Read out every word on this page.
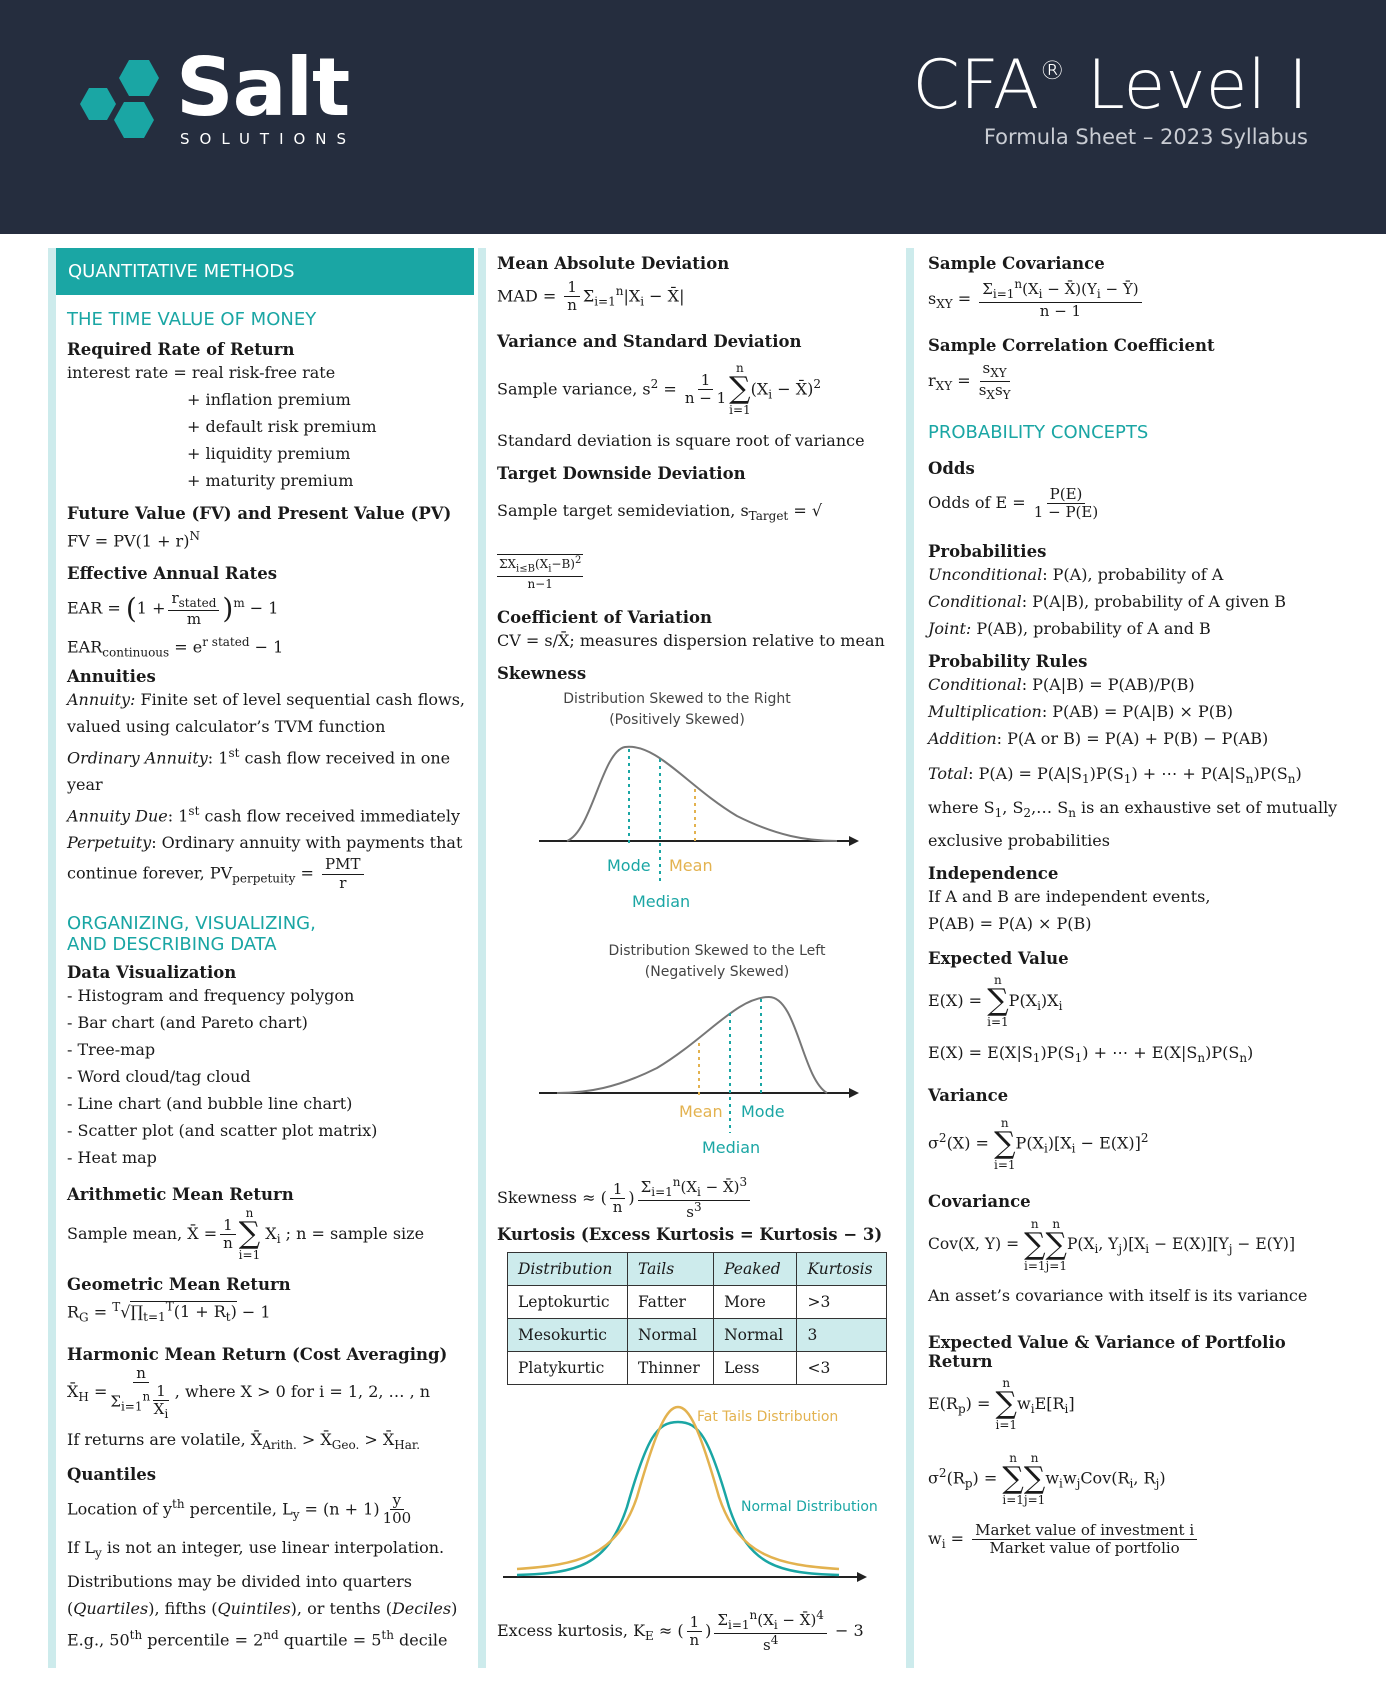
Salt
SOLUTIONS
CFA® Level I
Formula Sheet – 2023 Syllabus
QUANTITATIVE METHODS

THE TIME VALUE OF MONEY

Required Rate of Return

interest rate = real risk-free rate

+ inflation premium

+ default risk premium

+ liquidity premium

+ maturity premium

Future Value (FV) and Present Value (PV)

FV = $PV(1 + r)^N$

Effective Annual Rates

EAR = $(1 + \frac{r_{stated}}{m} )^m - 1$

$EAR_{continuous} = e^{r stated} - 1$

Annuities

Annuity: Finite set of level sequential cash flows,

valued using calculator’s TVM function

Ordinary Annuity: 1st cash flow received in one year

Annuity Due: 1st cash flow received immediately

Perpetuity: Ordinary annuity with payments that

continue forever, $PV_{perpetuity} = \frac{\text{PMT}}{r}$

ORGANIZING, VISUALIZING,

AND DESCRIBING DATA

Data Visualization

- Histogram and frequency polygon

- Bar chart (and Pareto chart)

- Tree-map

- Word cloud/tag cloud

- Line chart (and bubble line chart)

- Scatter plot (and scatter plot matrix)

- Heat map

Arithmetic Mean Return

Sample mean, X̄ = $\frac{1}{n}$
n
∑
i=1
$X_i$ ; n = sample size

Geometric Mean Return

$R_G$ = $^T√\prod_{t=1}^T(1 + R_t) - 1$

Harmonic Mean Return (Cost Averaging)

$X̄_H = \frac{n}{\Sigma_{i=1}^n \frac{1}{X_i}}$ , where X > 0 for i = 1, 2, … , n

If returns are volatile, $X̄_{Arith.}$ > $X̄_{Geo.}$ > $X̄_{Har.}$

Quantiles

Location of $y^{th}$ percentile, $L_y = (n + 1) \frac{y}{100}$

If $L_y$ is not an integer, use linear interpolation.

Distributions may be divided into quarters

(Quartiles), fifths (Quintiles), or tenths (Deciles)

E.g., 50th percentile = 2nd quartile = 5th decile

Mean Absolute Deviation

MAD = $\frac{1}{n} \Sigma_{i=1}^n|X_i$ − X̄|

Variance and Standard Deviation

Sample variance, $s^2 = \frac{1}{n - 1}$
n
∑
i=1
($X_i$ − X̄)$^2$

Standard deviation is square root of variance

Target Downside Deviation

Sample target semideviation, $s_{Target}$ = √
$\Sigma X_{i\le B}(X_i-B)^2$
n−1

Coefficient of Variation

CV = s/X̄; measures dispersion relative to mean

Skewness

Distribution Skewed to the Right
(Positively Skewed)
Mode Mean
Median
Distribution Skewed to the Left
(Negatively Skewed)
Mean Mode
Median

Skewness ≈ ( $\frac{1}{n}$ ) $\frac{\Sigma_{i=1}^n(X_i - X̄)^3}{s^3}$

Kurtosis (Excess Kurtosis = Kurtosis − 3)

Distribution	Tails	Peaked	Kurtosis
Leptokurtic	Fatter	More	>3
Mesokurtic	Normal	Normal	3
Platykurtic	Thinner	Less	<3
Fat Tails Distribution
Normal Distribution

Excess kurtosis, $K_E$ ≈ ( $\frac{1}{n}$ ) $\frac{\Sigma_{i=1}^n(X_i - X̄)^4}{s^4} - 3$

Sample Covariance

$s_{XY} = \frac{\Sigma_{i=1}^n(X_i - X̄)(Y_i - Ȳ)}{n - 1}$

Sample Correlation Coefficient

$r_{XY} = \frac{s_{XY}}{s_Xs_Y}$

PROBABILITY CONCEPTS

Odds

Odds of $E = \frac{P(E)}{1 - P(E)}$

Probabilities

Unconditional: P(A), probability of A

Conditional: P(A|B), probability of A given B

Joint: P(AB), probability of A and B

Probability Rules

Conditional: P(A|B) = P(AB)/P(B)

Multiplication: P(AB) = P(A|B) × P(B)

Addition: P(A or B) = P(A) + P(B) − P(AB)

Total: $P(A) = P(A|S_1)P(S_1)$ + ⋯ + $P(A|S_n)P(S_n)$

where $S_1$, $S_2,\dots$ $S_n$ is an exhaustive set of mutually

exclusive probabilities

Independence

If A and B are independent events,

P(AB) = P(A) × P(B)

Expected Value

E(X) =
n
∑
i=1
$P(X_i)X_i$

$E(X) = E(X|S_1)P(S_1)$ + ⋯ + $E(X|S_n)P(S_n)$

Variance

$\sigma^2(X)$ =
n
∑
i=1
$P(X_i)[X_i - E(X)]^2$

Covariance

Cov(X, Y) =
n
∑
i=1
n
∑
j=1
$P(X_i$, $Y_j)[X_i - E(X)][Y_j - E(Y)]$

An asset’s covariance with itself is its variance

Expected Value & Variance of Portfolio Return

$E(R_p)$ =
n
∑
i=1
$w_iE[R_i]$

$\sigma^2(R_p)$ =
n
∑
i=1
n
∑
j=1
$w_iw_jCov(R_i$, $R_j$)

$w_i = \frac{\text{Market value of investment i}}{\text{Market value of portfolio}}$
